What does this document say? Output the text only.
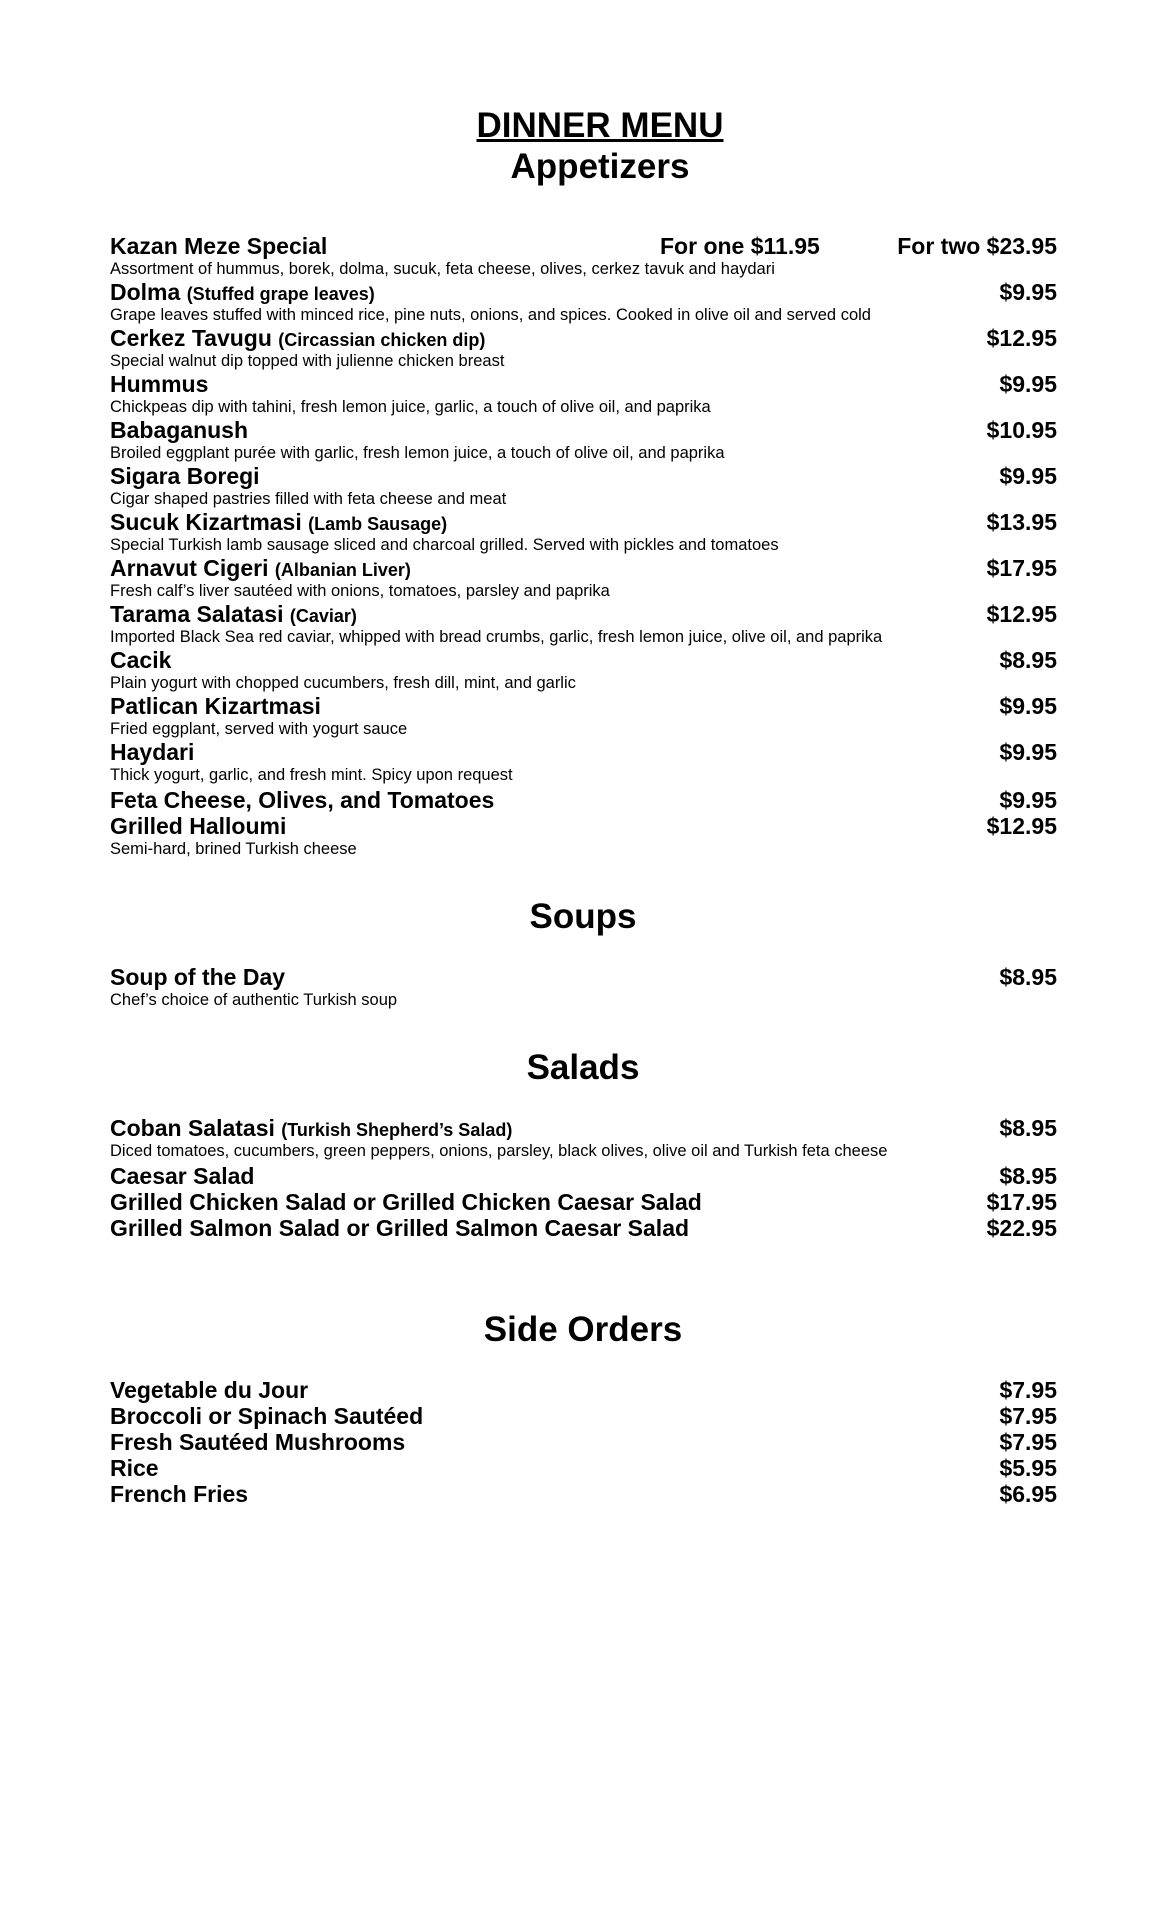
DINNER MENU
Appetizers
Kazan Meze Special	For one $11.95	For two $23.95
Assortment of hummus, borek, dolma, sucuk, feta cheese, olives, cerkez tavuk and haydari
Dolma (Stuffed grape leaves)	$9.95
Grape leaves stuffed with minced rice, pine nuts, onions, and spices. Cooked in olive oil and served cold
Cerkez Tavugu (Circassian chicken dip)	$12.95
Special walnut dip topped with julienne chicken breast
Hummus	$9.95
Chickpeas dip with tahini, fresh lemon juice, garlic, a touch of olive oil, and paprika
Babaganush	$10.95
Broiled eggplant purée with garlic, fresh lemon juice, a touch of olive oil, and paprika
Sigara Boregi	$9.95
Cigar shaped pastries filled with feta cheese and meat
Sucuk Kizartmasi (Lamb Sausage)	$13.95
Special Turkish lamb sausage sliced and charcoal grilled. Served with pickles and tomatoes
Arnavut Cigeri (Albanian Liver)	$17.95
Fresh calf’s liver sautéed with onions, tomatoes, parsley and paprika
Tarama Salatasi (Caviar)	$12.95
Imported Black Sea red caviar, whipped with bread crumbs, garlic, fresh lemon juice, olive oil, and paprika
Cacik	$8.95
Plain yogurt with chopped cucumbers, fresh dill, mint, and garlic
Patlican Kizartmasi	$9.95
Fried eggplant, served with yogurt sauce
Haydari	$9.95
Thick yogurt, garlic, and fresh mint. Spicy upon request
Feta Cheese, Olives, and Tomatoes	$9.95
Grilled Halloumi	$12.95
Semi-hard, brined Turkish cheese
Soups
Soup of the Day	$8.95
Chef’s choice of authentic Turkish soup
Salads
Coban Salatasi (Turkish Shepherd’s Salad)	$8.95
Diced tomatoes, cucumbers, green peppers, onions, parsley, black olives, olive oil and Turkish feta cheese
Caesar Salad	$8.95
Grilled Chicken Salad or Grilled Chicken Caesar Salad	$17.95
Grilled Salmon Salad or Grilled Salmon Caesar Salad	$22.95
Side Orders
Vegetable du Jour	$7.95
Broccoli or Spinach Sautéed	$7.95
Fresh Sautéed Mushrooms	$7.95
Rice	$5.95
French Fries	$6.95
